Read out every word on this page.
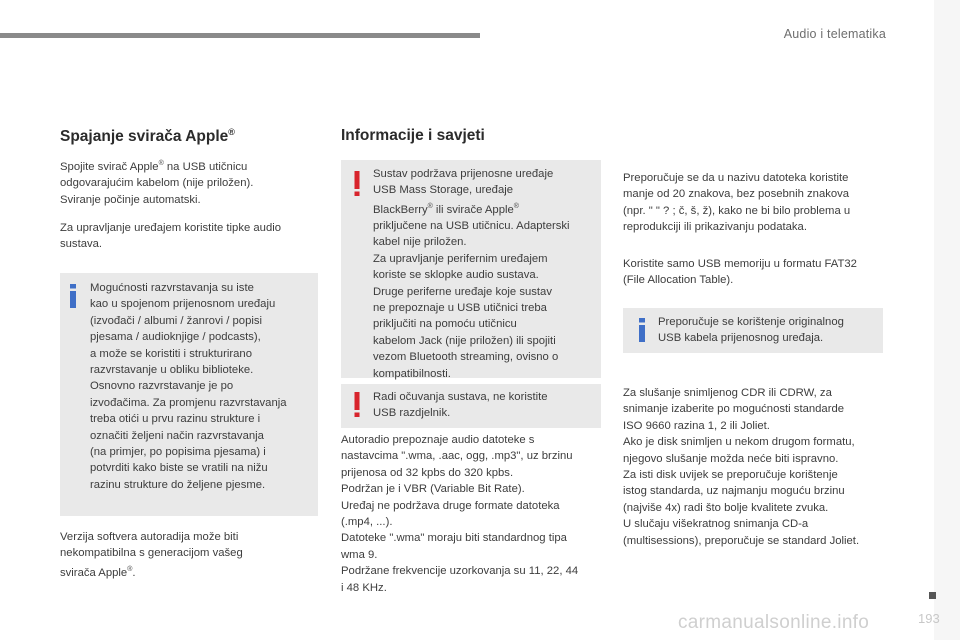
Audio i telematika
Spajanje svirača Apple®
Spojite svirač Apple® na USB utičnicu
odgovarajućim kabelom (nije priložen).
Sviranje počinje automatski.
Za upravljanje uređajem koristite tipke audio
sustava.
Mogućnosti razvrstavanja su iste
kao u spojenom prijenosnom uređaju
(izvođači / albumi / žanrovi / popisi
pjesama / audioknjige / podcasts),
a može se koristiti i strukturirano
razvrstavanje u obliku biblioteke.
Osnovno razvrstavanje je po
izvođačima. Za promjenu razvrstavanja
treba otići u prvu razinu strukture i
označiti željeni način razvrstavanja
(na primjer, po popisima pjesama) i
potvrditi kako biste se vratili na nižu
razinu strukture do željene pjesme.
Verzija softvera autoradija može biti
nekompatibilna s generacijom vašeg
svirača Apple®.
Informacije i savjeti
Sustav podržava prijenosne uređaje
USB Mass Storage, uređaje
BlackBerry® ili svirače Apple®
priključene na USB utičnicu. Adapterski
kabel nije priložen.
Za upravljanje perifernim uređajem
koriste se sklopke audio sustava.
Druge periferne uređaje koje sustav
ne prepoznaje u USB utičnici treba
priključiti na pomoću utičnicu
kabelom Jack (nije priložen) ili spojiti
vezom Bluetooth streaming, ovisno o
kompatibilnosti.
Radi očuvanja sustava, ne koristite
USB razdjelnik.
Autoradio prepoznaje audio datoteke s
nastavcima ".wma, .aac, ogg, .mp3", uz brzinu
prijenosa od 32 kpbs do 320 kpbs.
Podržan je i VBR (Variable Bit Rate).
Uređaj ne podržava druge formate datoteka
(.mp4, ...).
Datoteke ".wma" moraju biti standardnog tipa
wma 9.
Podržane frekvencije uzorkovanja su 11, 22, 44
i 48 KHz.
Preporučuje se da u nazivu datoteka koristite
manje od 20 znakova, bez posebnih znakova
(npr. " " ? ; č, š, ž), kako ne bi bilo problema u
reprodukciji ili prikazivanju podataka.
Koristite samo USB memoriju u formatu FAT32
(File Allocation Table).
Preporučuje se korištenje originalnog
USB kabela prijenosnog uređaja.
Za slušanje snimljenog CDR ili CDRW, za
snimanje izaberite po mogućnosti standarde
ISO 9660 razina 1, 2 ili Joliet.
Ako je disk snimljen u nekom drugom formatu,
njegovo slušanje možda neće biti ispravno.
Za isti disk uvijek se preporučuje korištenje
istog standarda, uz najmanju moguću brzinu
(najviše 4x) radi što bolje kvalitete zvuka.
U slučaju višekratnog snimanja CD-a
(multisessions), preporučuje se standard Joliet.
carmanualsonline.info	193
